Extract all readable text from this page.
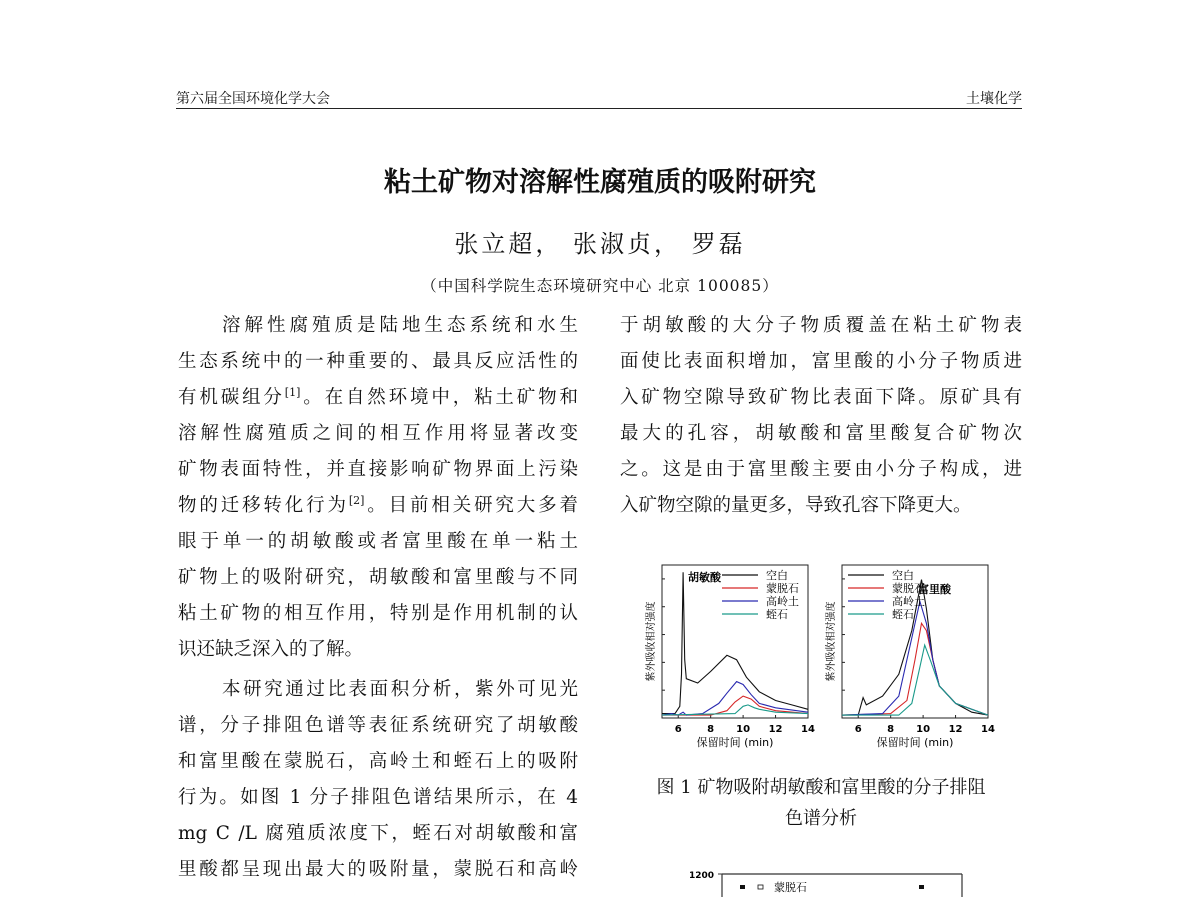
第六届全国环境化学大会	土壤化学
粘土矿物对溶解性腐殖质的吸附研究
张立超， 张淑贞， 罗磊
（中国科学院生态环境研究中心 北京 100085）
溶解性腐殖质是陆地生态系统和水生
生态系统中的一种重要的、最具反应活性的
有机碳组分[1]。在自然环境中，粘土矿物和
溶解性腐殖质之间的相互作用将显著改变
矿物表面特性，并直接影响矿物界面上污染
物的迁移转化行为[2]。目前相关研究大多着
眼于单一的胡敏酸或者富里酸在单一粘土
矿物上的吸附研究，胡敏酸和富里酸与不同
粘土矿物的相互作用，特别是作用机制的认
识还缺乏深入的了解。
本研究通过比表面积分析，紫外可见光
谱，分子排阻色谱等表征系统研究了胡敏酸
和富里酸在蒙脱石，高岭土和蛭石上的吸附
行为。如图 1 分子排阻色谱结果所示，在 4
mg C /L 腐殖质浓度下，蛭石对胡敏酸和富
里酸都呈现出最大的吸附量，蒙脱石和高岭
于胡敏酸的大分子物质覆盖在粘土矿物表
面使比表面积增加，富里酸的小分子物质进
入矿物空隙导致矿物比表面下降。原矿具有
最大的孔容，胡敏酸和富里酸复合矿物次
之。这是由于富里酸主要由小分子构成，进
入矿物空隙的量更多，导致孔容下降更大。
6	8 10 12 14
保留时间 (min)
紫外吸收相对强度
空白
蒙脱石
高岭土
蛭石
胡敏酸
6	8 10 12 14
保留时间 (min)
紫外吸收相对强度
空白
蒙脱石
高岭土
蛭石
富里酸
图 1 矿物吸附胡敏酸和富里酸的分子排阻
色谱分析
1200
蒙脱石
